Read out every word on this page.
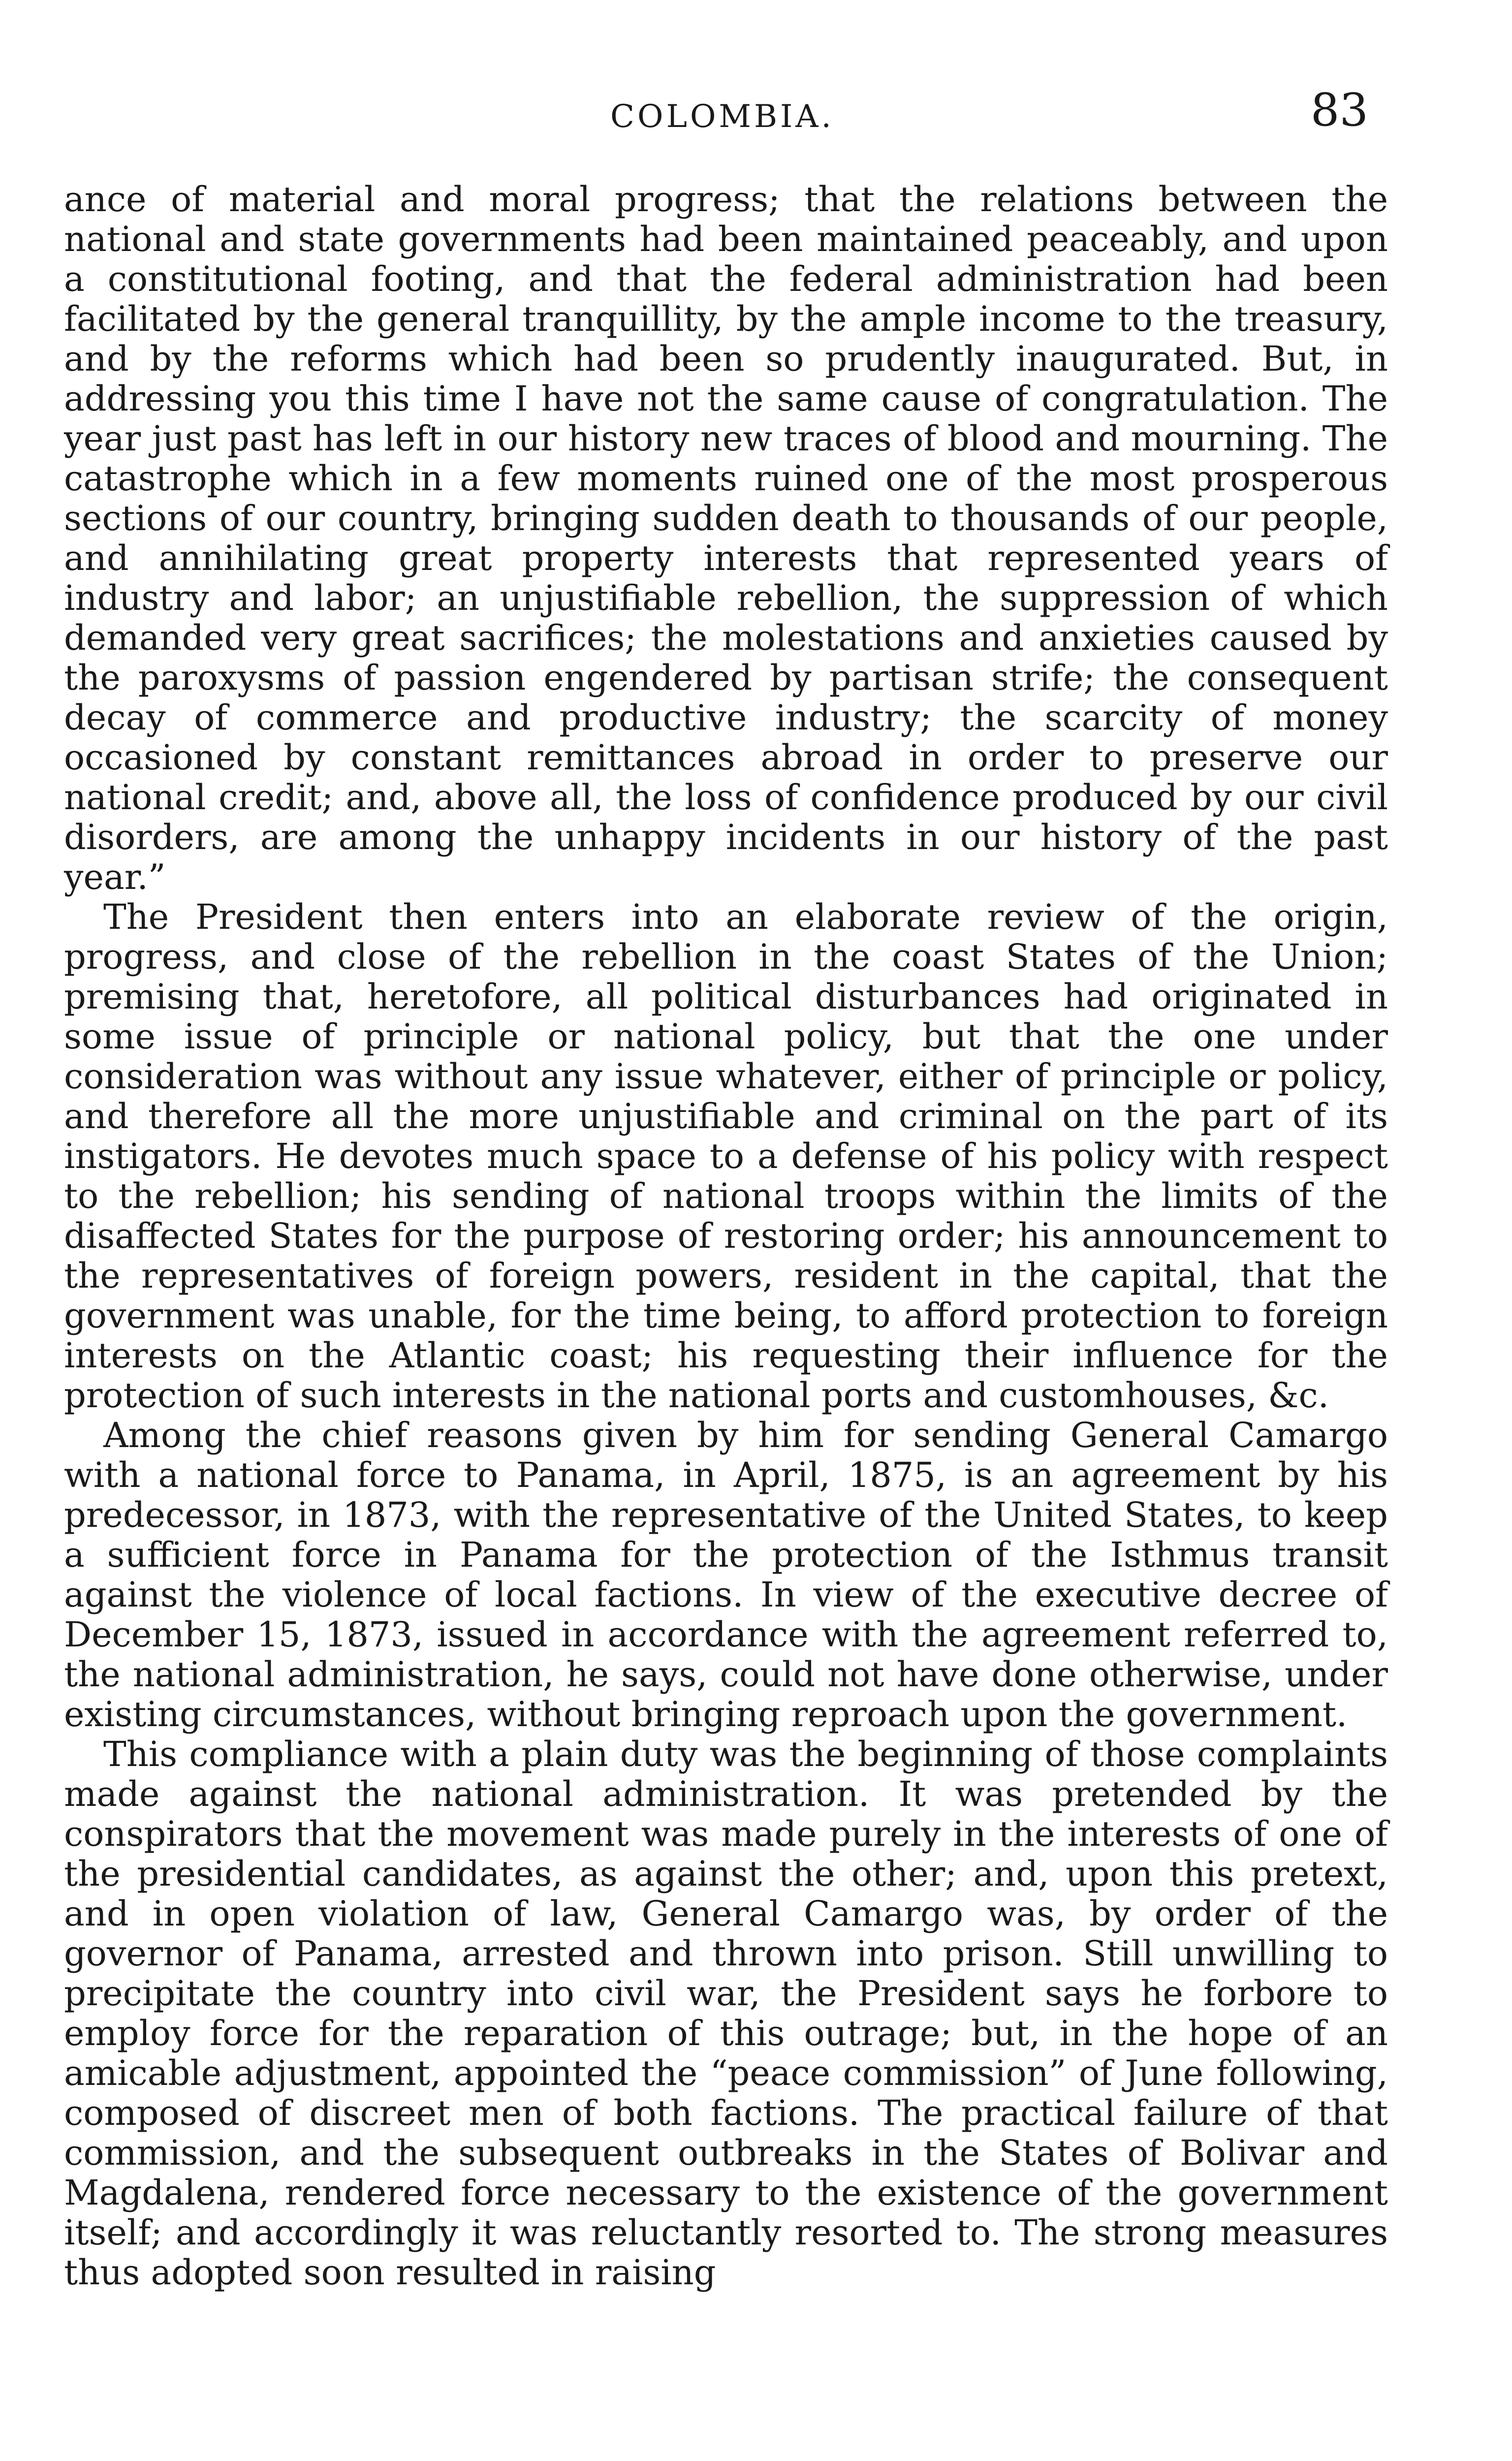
COLOMBIA.	83

ance of material and moral progress; that the relations between the national and state governments had been maintained peaceably, and upon a constitutional footing, and that the federal administration had been facilitated by the general tranquillity, by the ample income to the treasury, and by the reforms which had been so prudently inaugurated. But, in addressing you this time I have not the same cause of congratulation. The year just past has left in our history new traces of blood and mourning. The catastrophe which in a few moments ruined one of the most prosperous sections of our country, bringing sudden death to thousands of our people, and annihilating great property interests that represented years of industry and labor; an unjustifiable rebellion, the suppression of which demanded very great sacrifices; the molestations and anxieties caused by the paroxysms of passion engendered by partisan strife; the consequent decay of commerce and productive industry; the scarcity of money occasioned by constant remittances abroad in order to preserve our national credit; and, above all, the loss of confidence produced by our civil disorders, are among the unhappy incidents in our history of the past year.”

The President then enters into an elaborate review of the origin, progress, and close of the rebellion in the coast States of the Union; premising that, heretofore, all political disturbances had originated in some issue of principle or national policy, but that the one under consideration was without any issue whatever, either of principle or policy, and therefore all the more unjustifiable and criminal on the part of its instigators. He devotes much space to a defense of his policy with respect to the rebellion; his sending of national troops within the limits of the disaffected States for the purpose of restoring order; his announcement to the representatives of foreign powers, resident in the capital, that the government was unable, for the time being, to afford protection to foreign interests on the Atlantic coast; his requesting their influence for the protection of such interests in the national ports and customhouses, &c.

Among the chief reasons given by him for sending General Camargo with a national force to Panama, in April, 1875, is an agreement by his predecessor, in 1873, with the representative of the United States, to keep a sufficient force in Panama for the protection of the Isthmus transit against the violence of local factions. In view of the executive decree of December 15, 1873, issued in accordance with the agreement referred to, the national administration, he says, could not have done otherwise, under existing circumstances, without bringing reproach upon the government.

This compliance with a plain duty was the beginning of those complaints made against the national administration. It was pretended by the conspirators that the movement was made purely in the interests of one of the presidential candidates, as against the other; and, upon this pretext, and in open violation of law, General Camargo was, by order of the governor of Panama, arrested and thrown into prison. Still unwilling to precipitate the country into civil war, the President says he forbore to employ force for the reparation of this outrage; but, in the hope of an amicable adjustment, appointed the “peace commission” of June following, composed of discreet men of both factions. The practical failure of that commission, and the subsequent outbreaks in the States of Bolivar and Magdalena, rendered force necessary to the existence of the government itself; and accordingly it was reluctantly resorted to. The strong measures thus adopted soon resulted in raising
